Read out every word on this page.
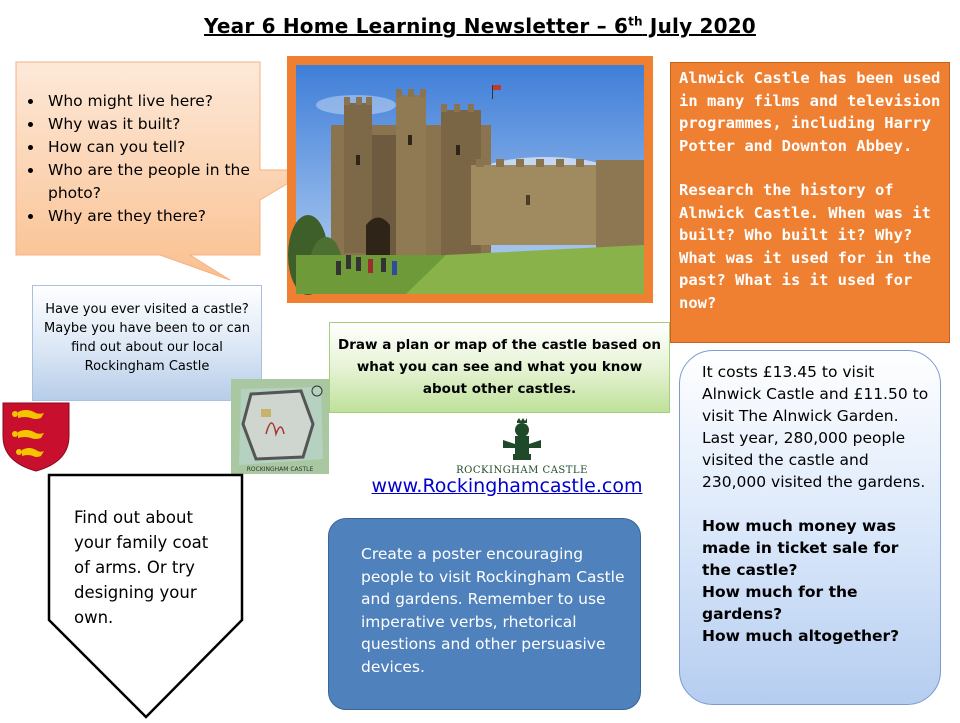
Year 6 Home Learning Newsletter – 6th July 2020
• Who might live here?
• Why was it built?
• How can you tell?
• Who are the people in the photo?
• Why are they there?

Alnwick Castle has been used in many films and television programmes, including Harry Potter and Downton Abbey.

Research the history of Alnwick Castle. When was it built? Who built it? Why? What was it used for in the past? What is it used for now?

Have you ever visited a castle?
Maybe you have been to or can find out about our local Rockingham Castle
ROCKINGHAM CASTLE
Draw a plan or map of the castle based on what you can see and what you know about other castles.
ROCKINGHAM CASTLE
www.Rockinghamcastle.com
It costs £13.45 to visit Alnwick Castle and £11.50 to visit The Alnwick Garden.
Last year, 280,000 people visited the castle and 230,000 visited the gardens.
How much money was made in ticket sale for the castle?
How much for the gardens?
How much altogether?
Find out about your family coat of arms. Or try designing your own.
Create a poster encouraging people to visit Rockingham Castle and gardens. Remember to use imperative verbs, rhetorical questions and other persuasive devices.
